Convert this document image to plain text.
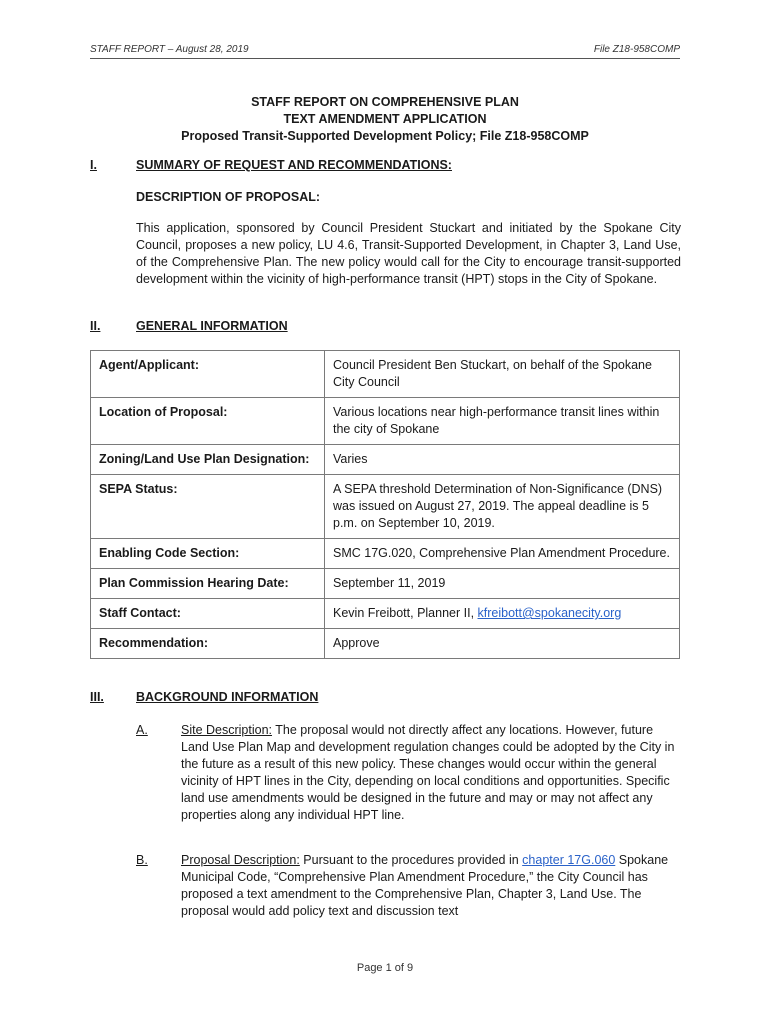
STAFF REPORT – August 28, 2019	File Z18-958COMP
STAFF REPORT ON COMPREHENSIVE PLAN
TEXT AMENDMENT APPLICATION
Proposed Transit-Supported Development Policy; File Z18-958COMP
I.	SUMMARY OF REQUEST AND RECOMMENDATIONS:
DESCRIPTION OF PROPOSAL:
This application, sponsored by Council President Stuckart and initiated by the Spokane City Council, proposes a new policy, LU 4.6, Transit-Supported Development, in Chapter 3, Land Use, of the Comprehensive Plan. The new policy would call for the City to encourage transit-supported development within the vicinity of high-performance transit (HPT) stops in the City of Spokane.
II.	GENERAL INFORMATION
Agent/Applicant:	Council President Ben Stuckart, on behalf of the Spokane City Council
Location of Proposal:	Various locations near high-performance transit lines within the city of Spokane
Zoning/Land Use Plan Designation:	Varies
SEPA Status:	A SEPA threshold Determination of Non-Significance (DNS) was issued on August 27, 2019. The appeal deadline is 5 p.m. on September 10, 2019.
Enabling Code Section:	SMC 17G.020, Comprehensive Plan Amendment Procedure.
Plan Commission Hearing Date:	September 11, 2019
Staff Contact:	Kevin Freibott, Planner II, kfreibott@spokanecity.org
Recommendation:	Approve
III.	BACKGROUND INFORMATION
A.	Site Description: The proposal would not directly affect any locations. However, future Land Use Plan Map and development regulation changes could be adopted by the City in the future as a result of this new policy. These changes would occur within the general vicinity of HPT lines in the City, depending on local conditions and opportunities. Specific land use amendments would be designed in the future and may or may not affect any properties along any individual HPT line.
B.	Proposal Description: Pursuant to the procedures provided in chapter 17G.060 Spokane Municipal Code, “Comprehensive Plan Amendment Procedure,” the City Council has proposed a text amendment to the Comprehensive Plan, Chapter 3, Land Use. The proposal would add policy text and discussion text
Page 1 of 9
